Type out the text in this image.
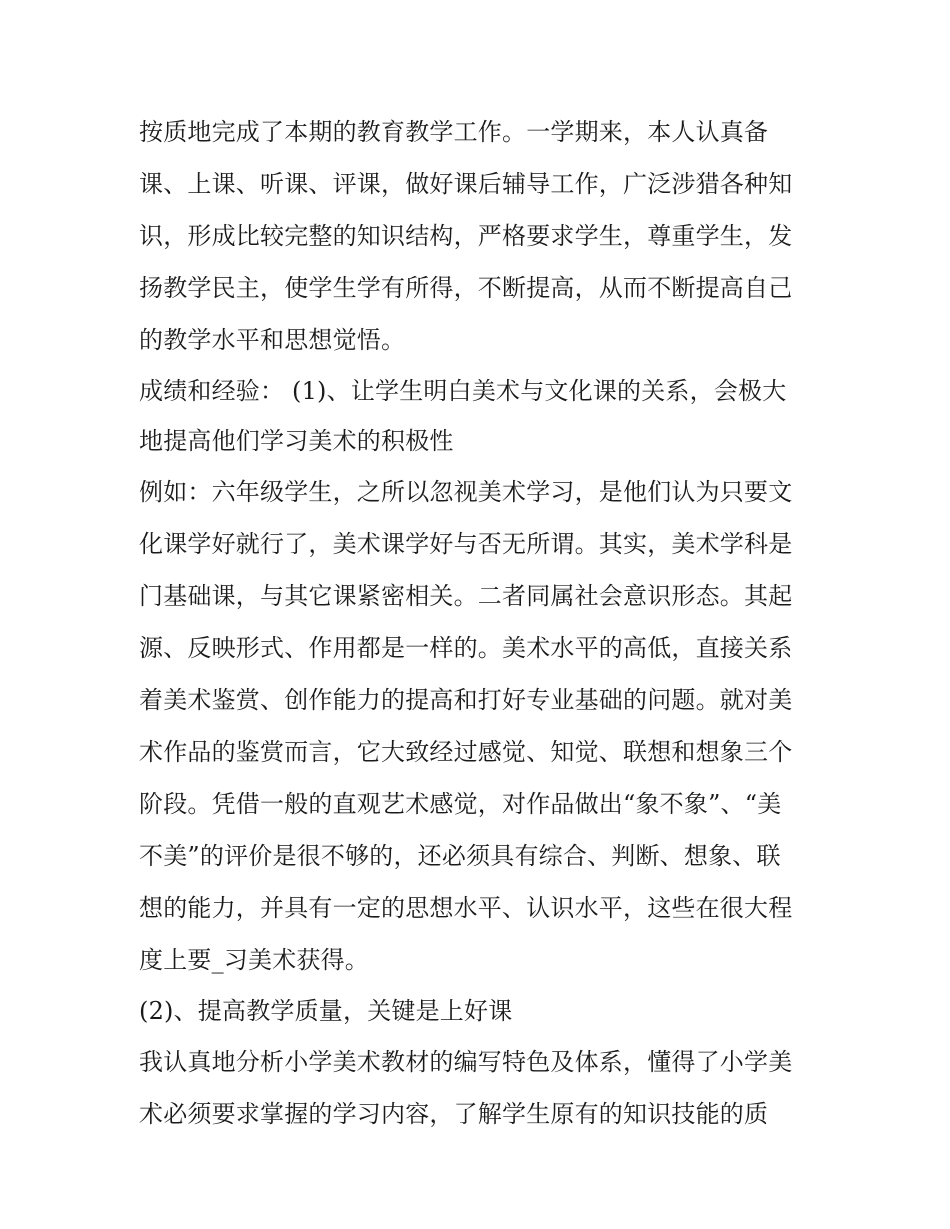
按质地完成了本期的教育教学工作。一学期来，本人认真备
课、上课、听课、评课，做好课后辅导工作，广泛涉猎各种知
识，形成比较完整的知识结构，严格要求学生，尊重学生，发
扬教学民主，使学生学有所得，不断提高，从而不断提高自己
的教学水平和思想觉悟。

成绩和经验： (1)、让学生明白美术与文化课的关系，会极大
地提高他们学习美术的积极性

例如：六年级学生，之所以忽视美术学习，是他们认为只要文
化课学好就行了，美术课学好与否无所谓。其实，美术学科是
门基础课，与其它课紧密相关。二者同属社会意识形态。其起
源、反映形式、作用都是一样的。美术水平的高低，直接关系
着美术鉴赏、创作能力的提高和打好专业基础的问题。就对美
术作品的鉴赏而言，它大致经过感觉、知觉、联想和想象三个
阶段。凭借一般的直观艺术感觉，对作品做出“象不象”、“美
不美”的评价是很不够的，还必须具有综合、判断、想象、联
想的能力，并具有一定的思想水平、认识水平，这些在很大程
度上要_习美术获得。

(2)、提高教学质量，关键是上好课

我认真地分析小学美术教材的编写特色及体系，懂得了小学美
术必须要求掌握的学习内容，了解学生原有的知识技能的质
